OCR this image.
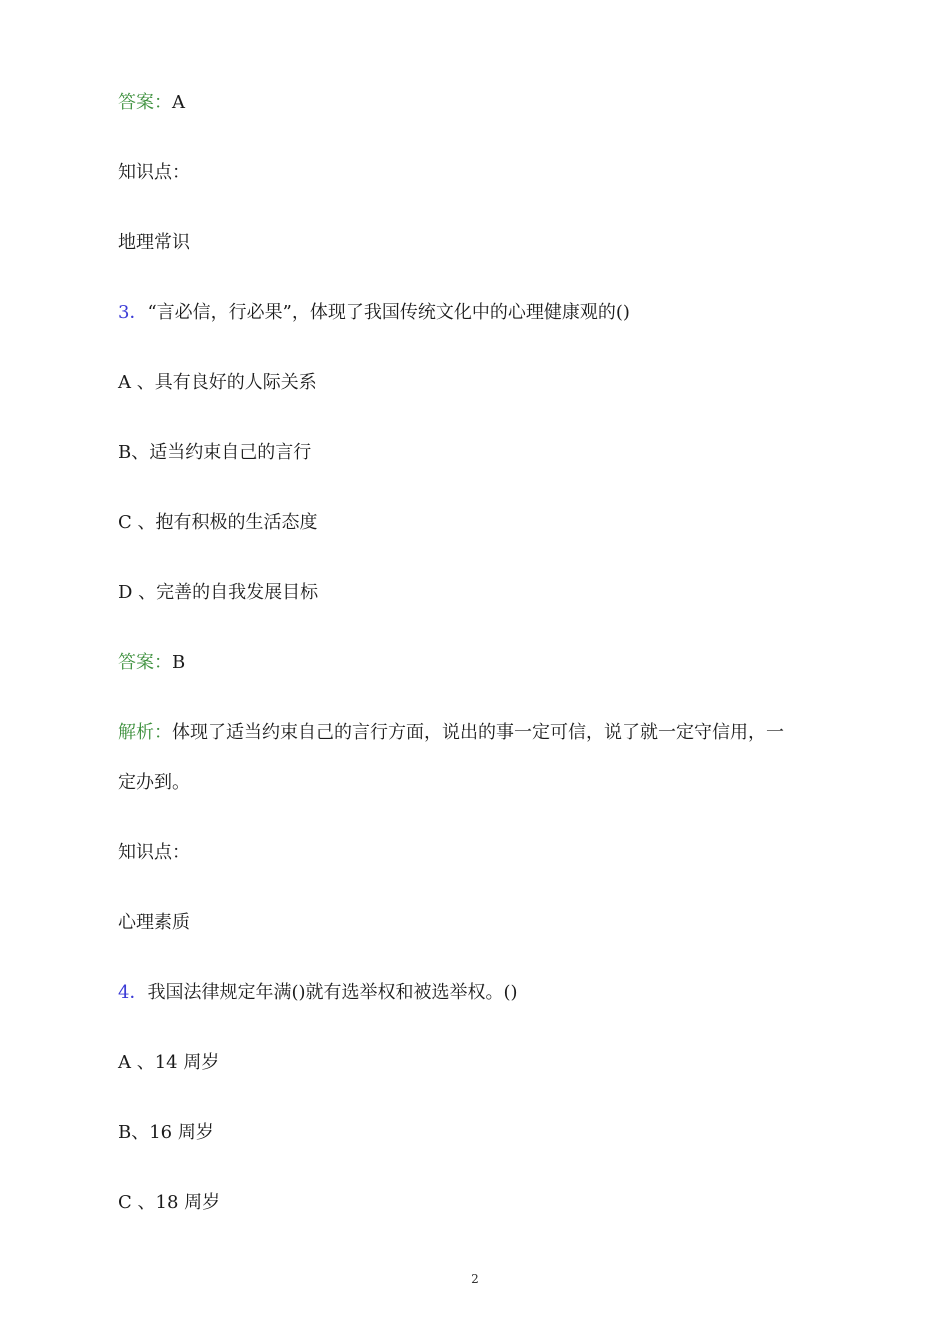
答案：A
知识点：
地理常识
3．“言必信，行必果”，体现了我国传统文化中的心理健康观的()
A 、具有良好的人际关系
B、适当约束自己的言行
C 、抱有积极的生活态度
D 、完善的自我发展目标
答案：B
解析：体现了适当约束自己的言行方面，说出的事一定可信，说了就一定守信用，一
定办到。
知识点：
心理素质
4．我国法律规定年满()就有选举权和被选举权。()
A 、14 周岁
B、16 周岁
C 、18 周岁
2
